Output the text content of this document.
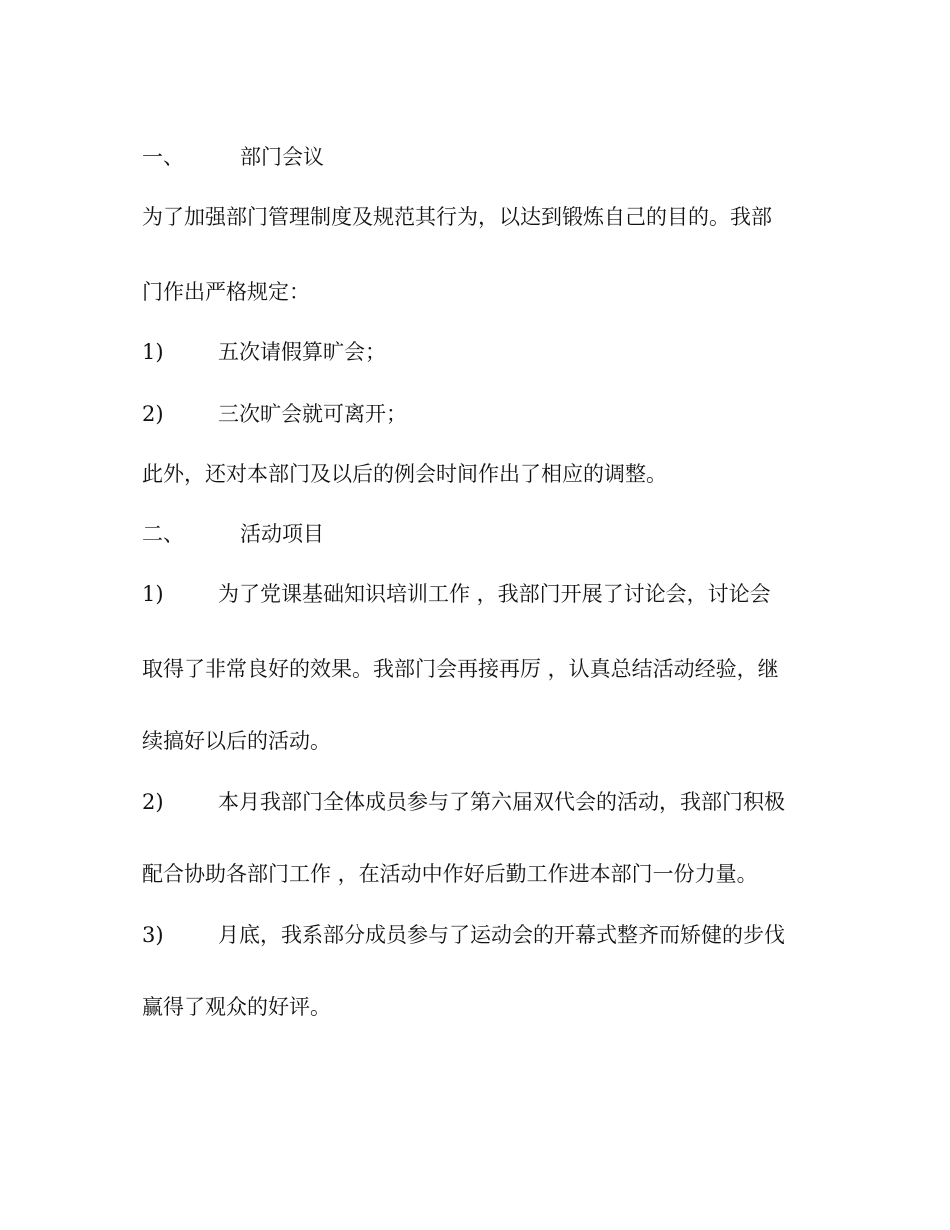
一、	部门会议
为了加强部门管理制度及规范其行为，以达到锻炼自己的目的。我部
门作出严格规定：
1)	五次请假算旷会；
2)	三次旷会就可离开；
此外，还对本部门及以后的例会时间作出了相应的调整。
二、	活动项目
1)	为了党课基础知识培训工作 ，我部门开展了讨论会，讨论会
取得了非常良好的效果。我部门会再接再厉 ，认真总结活动经验，继
续搞好以后的活动。
2)	本月我部门全体成员参与了第六届双代会的活动，我部门积极
配合协助各部门工作 ，在活动中作好后勤工作进本部门一份力量。
3)	月底，我系部分成员参与了运动会的开幕式整齐而矫健的步伐
赢得了观众的好评。
